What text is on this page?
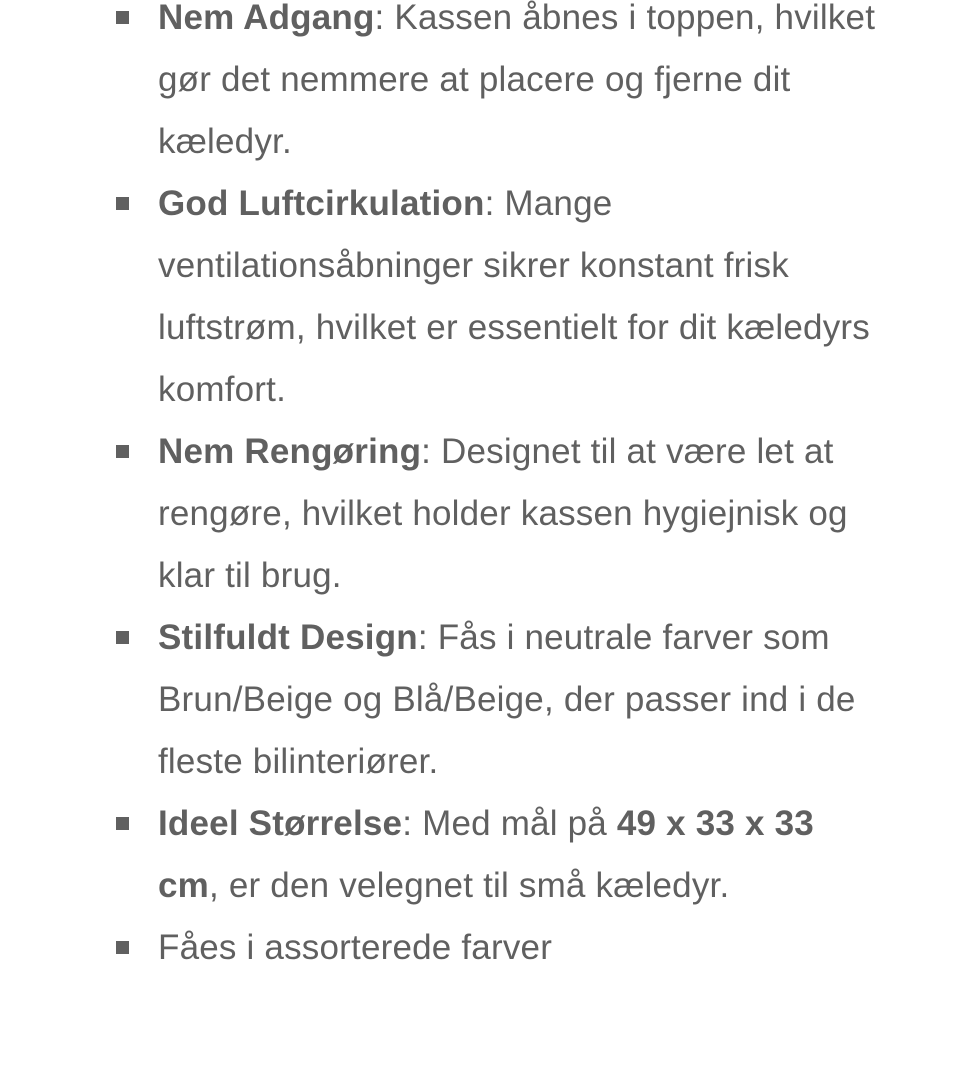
Nem Adgang: Kassen åbnes i toppen, hvilket gør det nemmere at placere og fjerne dit kæledyr.
God Luftcirkulation: Mange ventilationsåbninger sikrer konstant frisk luftstrøm, hvilket er essentielt for dit kæledyrs komfort.
Nem Rengøring: Designet til at være let at rengøre, hvilket holder kassen hygiejnisk og klar til brug.
Stilfuldt Design: Fås i neutrale farver som Brun/Beige og Blå/Beige, der passer ind i de fleste bilinteriører.
Ideel Størrelse: Med mål på 49 x 33 x 33 cm, er den velegnet til små kæledyr.
Fåes i assorterede farver
